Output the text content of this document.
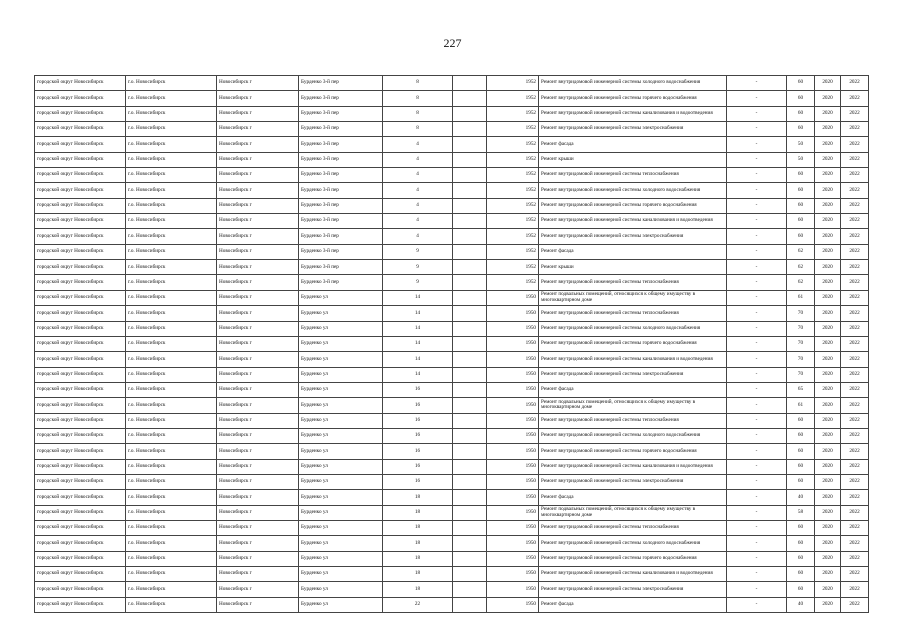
227
городской округ Новосибирск	г.о. Новосибирск	Новосибирск г	Бурденко 3-й пер	8		1952	Ремонт внутридомовой инженерной системы холодного водоснабжения	-	60	2020	2022
городской округ Новосибирск	г.о. Новосибирск	Новосибирск г	Бурденко 3-й пер	8		1952	Ремонт внутридомовой инженерной системы горячего водоснабжения	-	60	2020	2022
городской округ Новосибирск	г.о. Новосибирск	Новосибирск г	Бурденко 3-й пер	8		1952	Ремонт внутридомовой инженерной системы канализования и водоотведения	-	60	2020	2022
городской округ Новосибирск	г.о. Новосибирск	Новосибирск г	Бурденко 3-й пер	8		1952	Ремонт внутридомовой инженерной системы электроснабжения	-	60	2020	2022
городской округ Новосибирск	г.о. Новосибирск	Новосибирск г	Бурденко 3-й пер	4		1952	Ремонт фасада	-	50	2020	2022
городской округ Новосибирск	г.о. Новосибирск	Новосибирск г	Бурденко 3-й пер	4		1952	Ремонт крыши	-	50	2020	2022
городской округ Новосибирск	г.о. Новосибирск	Новосибирск г	Бурденко 3-й пер	4		1952	Ремонт внутридомовой инженерной системы теплоснабжения	-	60	2020	2022
городской округ Новосибирск	г.о. Новосибирск	Новосибирск г	Бурденко 3-й пер	4		1952	Ремонт внутридомовой инженерной системы холодного водоснабжения	-	60	2020	2022
городской округ Новосибирск	г.о. Новосибирск	Новосибирск г	Бурденко 3-й пер	4		1952	Ремонт внутридомовой инженерной системы горячего водоснабжения	-	60	2020	2022
городской округ Новосибирск	г.о. Новосибирск	Новосибирск г	Бурденко 3-й пер	4		1952	Ремонт внутридомовой инженерной системы канализования и водоотведения	-	60	2020	2022
городской округ Новосибирск	г.о. Новосибирск	Новосибирск г	Бурденко 3-й пер	4		1952	Ремонт внутридомовой инженерной системы электроснабжения	-	60	2020	2022
городской округ Новосибирск	г.о. Новосибирск	Новосибирск г	Бурденко 3-й пер	9		1952	Ремонт фасада	-	62	2020	2022
городской округ Новосибирск	г.о. Новосибирск	Новосибирск г	Бурденко 3-й пер	9		1952	Ремонт крыши	-	62	2020	2022
городской округ Новосибирск	г.о. Новосибирск	Новосибирск г	Бурденко 3-й пер	9		1952	Ремонт внутридомовой инженерной системы теплоснабжения	-	62	2020	2022
городской округ Новосибирск	г.о. Новосибирск	Новосибирск г	Бурденко ул	14		1950	Ремонт подвальных помещений, относящихся к общему имуществу в многоквартирном доме	-	61	2020	2022
городской округ Новосибирск	г.о. Новосибирск	Новосибирск г	Бурденко ул	14		1950	Ремонт внутридомовой инженерной системы теплоснабжения	-	70	2020	2022
городской округ Новосибирск	г.о. Новосибирск	Новосибирск г	Бурденко ул	14		1950	Ремонт внутридомовой инженерной системы холодного водоснабжения	-	70	2020	2022
городской округ Новосибирск	г.о. Новосибирск	Новосибирск г	Бурденко ул	14		1950	Ремонт внутридомовой инженерной системы горячего водоснабжения	-	70	2020	2022
городской округ Новосибирск	г.о. Новосибирск	Новосибирск г	Бурденко ул	14		1950	Ремонт внутридомовой инженерной системы канализования и водоотведения	-	70	2020	2022
городской округ Новосибирск	г.о. Новосибирск	Новосибирск г	Бурденко ул	14		1950	Ремонт внутридомовой инженерной системы электроснабжения	-	70	2020	2022
городской округ Новосибирск	г.о. Новосибирск	Новосибирск г	Бурденко ул	16		1950	Ремонт фасада	-	65	2020	2022
городской округ Новосибирск	г.о. Новосибирск	Новосибирск г	Бурденко ул	16		1950	Ремонт подвальных помещений, относящихся к общему имуществу в многоквартирном доме	-	61	2020	2022
городской округ Новосибирск	г.о. Новосибирск	Новосибирск г	Бурденко ул	16		1950	Ремонт внутридомовой инженерной системы теплоснабжения	-	60	2020	2022
городской округ Новосибирск	г.о. Новосибирск	Новосибирск г	Бурденко ул	16		1950	Ремонт внутридомовой инженерной системы холодного водоснабжения	-	60	2020	2022
городской округ Новосибирск	г.о. Новосибирск	Новосибирск г	Бурденко ул	16		1950	Ремонт внутридомовой инженерной системы горячего водоснабжения	-	60	2020	2022
городской округ Новосибирск	г.о. Новосибирск	Новосибирск г	Бурденко ул	16		1950	Ремонт внутридомовой инженерной системы канализования и водоотведения	-	60	2020	2022
городской округ Новосибирск	г.о. Новосибирск	Новосибирск г	Бурденко ул	16		1950	Ремонт внутридомовой инженерной системы электроснабжения	-	60	2020	2022
городской округ Новосибирск	г.о. Новосибирск	Новосибирск г	Бурденко ул	18		1950	Ремонт фасада	-	40	2020	2022
городской округ Новосибирск	г.о. Новосибирск	Новосибирск г	Бурденко ул	18		1950	Ремонт подвальных помещений, относящихся к общему имуществу в многоквартирном доме	-	58	2020	2022
городской округ Новосибирск	г.о. Новосибирск	Новосибирск г	Бурденко ул	18		1950	Ремонт внутридомовой инженерной системы теплоснабжения	-	60	2020	2022
городской округ Новосибирск	г.о. Новосибирск	Новосибирск г	Бурденко ул	18		1950	Ремонт внутридомовой инженерной системы холодного водоснабжения	-	60	2020	2022
городской округ Новосибирск	г.о. Новосибирск	Новосибирск г	Бурденко ул	18		1950	Ремонт внутридомовой инженерной системы горячего водоснабжения	-	60	2020	2022
городской округ Новосибирск	г.о. Новосибирск	Новосибирск г	Бурденко ул	18		1950	Ремонт внутридомовой инженерной системы канализования и водоотведения	-	60	2020	2022
городской округ Новосибирск	г.о. Новосибирск	Новосибирск г	Бурденко ул	18		1950	Ремонт внутридомовой инженерной системы электроснабжения	-	60	2020	2022
городской округ Новосибирск	г.о. Новосибирск	Новосибирск г	Бурденко ул	22		1950	Ремонт фасада	-	40	2020	2022
